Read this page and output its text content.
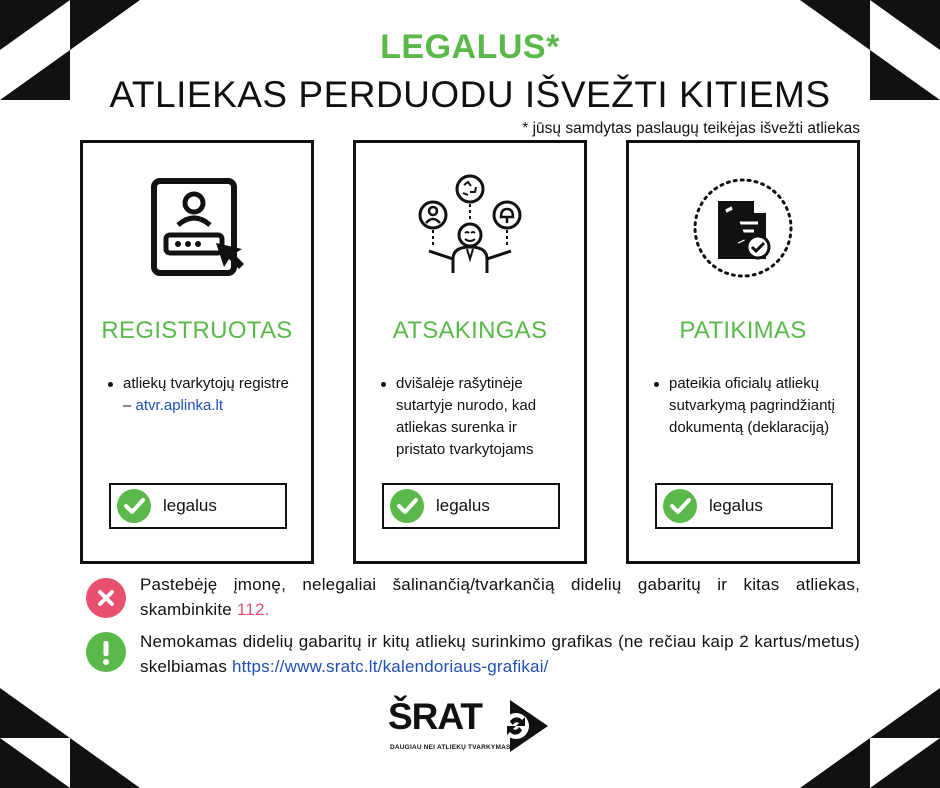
LEGALUS*
ATLIEKAS PERDUODU IŠVEŽTI KITIEMS
* jūsų samdytas paslaugų teikėjas išvežti atliekas
REGISTRUOTAS
atliekų tvarkytojų registre – atvr.aplinka.lt
legalus
ATSAKINGAS
dvišalėje rašytinėje sutartyje nurodo, kad atliekas surenka ir pristato tvarkytojams
legalus
PATIKIMAS
pateikia oficialų atliekų sutvarkymą pagrindžiantį dokumentą (deklaraciją)
legalus
Pastebėję įmonę, nelegaliai šalinančią/tvarkančią didelių gabaritų ir kitas atliekas, skambinkite 112.
Nemokamas didelių gabaritų ir kitų atliekų surinkimo grafikas (ne rečiau kaip 2 kartus/metus) skelbiamas https://www.sratc.lt/kalendoriaus-grafikai/
ŠRAT
DAUGIAU NEI ATLIEKŲ TVARKYMAS
